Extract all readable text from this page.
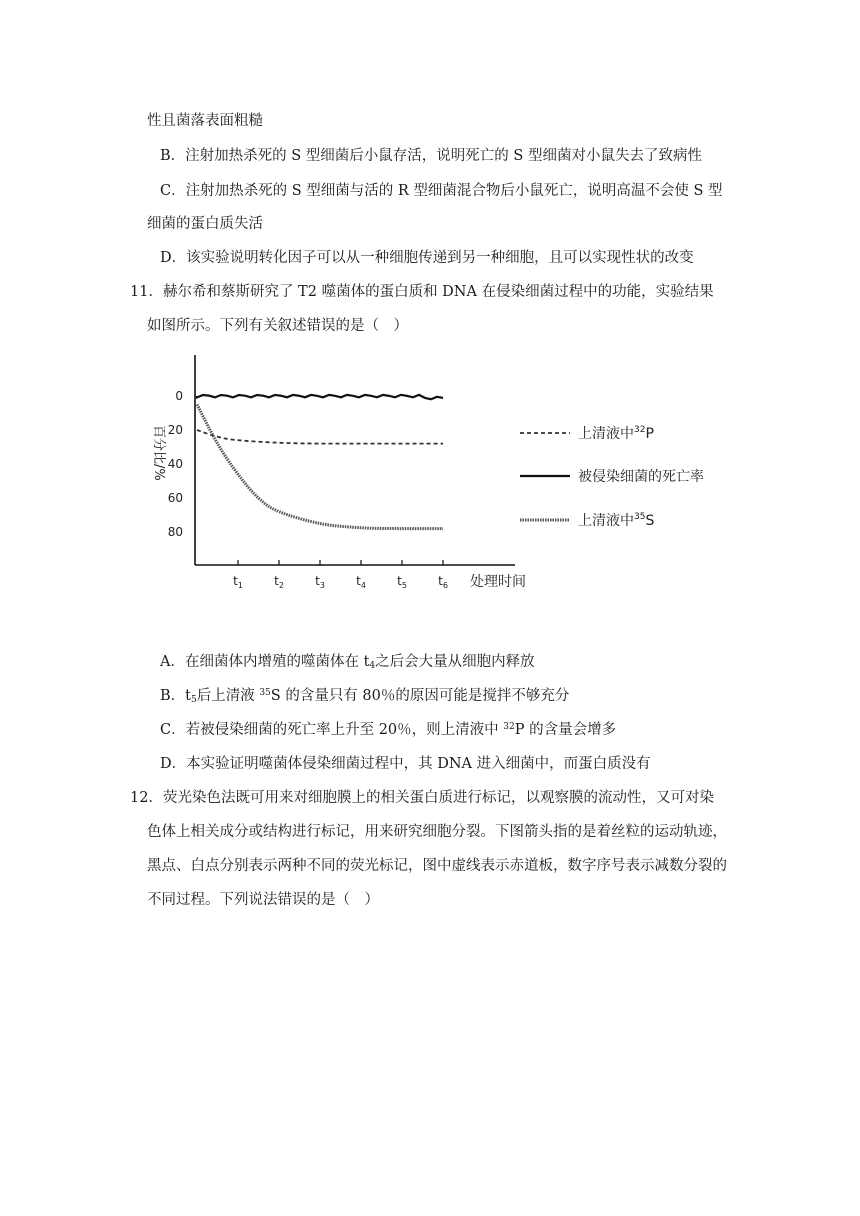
性且菌落表面粗糙
B．注射加热杀死的 S 型细菌后小鼠存活，说明死亡的 S 型细菌对小鼠失去了致病性
C．注射加热杀死的 S 型细菌与活的 R 型细菌混合物后小鼠死亡，说明高温不会使 S 型
细菌的蛋白质失活
D．该实验说明转化因子可以从一种细胞传递到另一种细胞，且可以实现性状的改变
11．赫尔希和蔡斯研究了 T2 噬菌体的蛋白质和 DNA 在侵染细菌过程中的功能，实验结果
如图所示。下列有关叙述错误的是（　）
0
20
40
60
80
$t_1$	$t_2$	$t_3$	$t_4$	$t_5$	$t_6$ 处理时间
百分比/%	上清液中$^{32}$P
被侵染细菌的死亡率
上清液中$^{35}$S
A．在细菌体内增殖的噬菌体在 $t_4$之后会大量从细胞内释放
B．$t_5$后上清液 $^{35}$S 的含量只有 80％的原因可能是搅拌不够充分
C．若被侵染细菌的死亡率上升至 20％，则上清液中 $^{32}$P 的含量会增多
D．本实验证明噬菌体侵染细菌过程中，其 DNA 进入细菌中，而蛋白质没有
12．荧光染色法既可用来对细胞膜上的相关蛋白质进行标记，以观察膜的流动性，又可对染
色体上相关成分或结构进行标记，用来研究细胞分裂。下图箭头指的是着丝粒的运动轨迹，
黑点、白点分别表示两种不同的荧光标记，图中虚线表示赤道板，数字序号表示减数分裂的
不同过程。下列说法错误的是（　）
